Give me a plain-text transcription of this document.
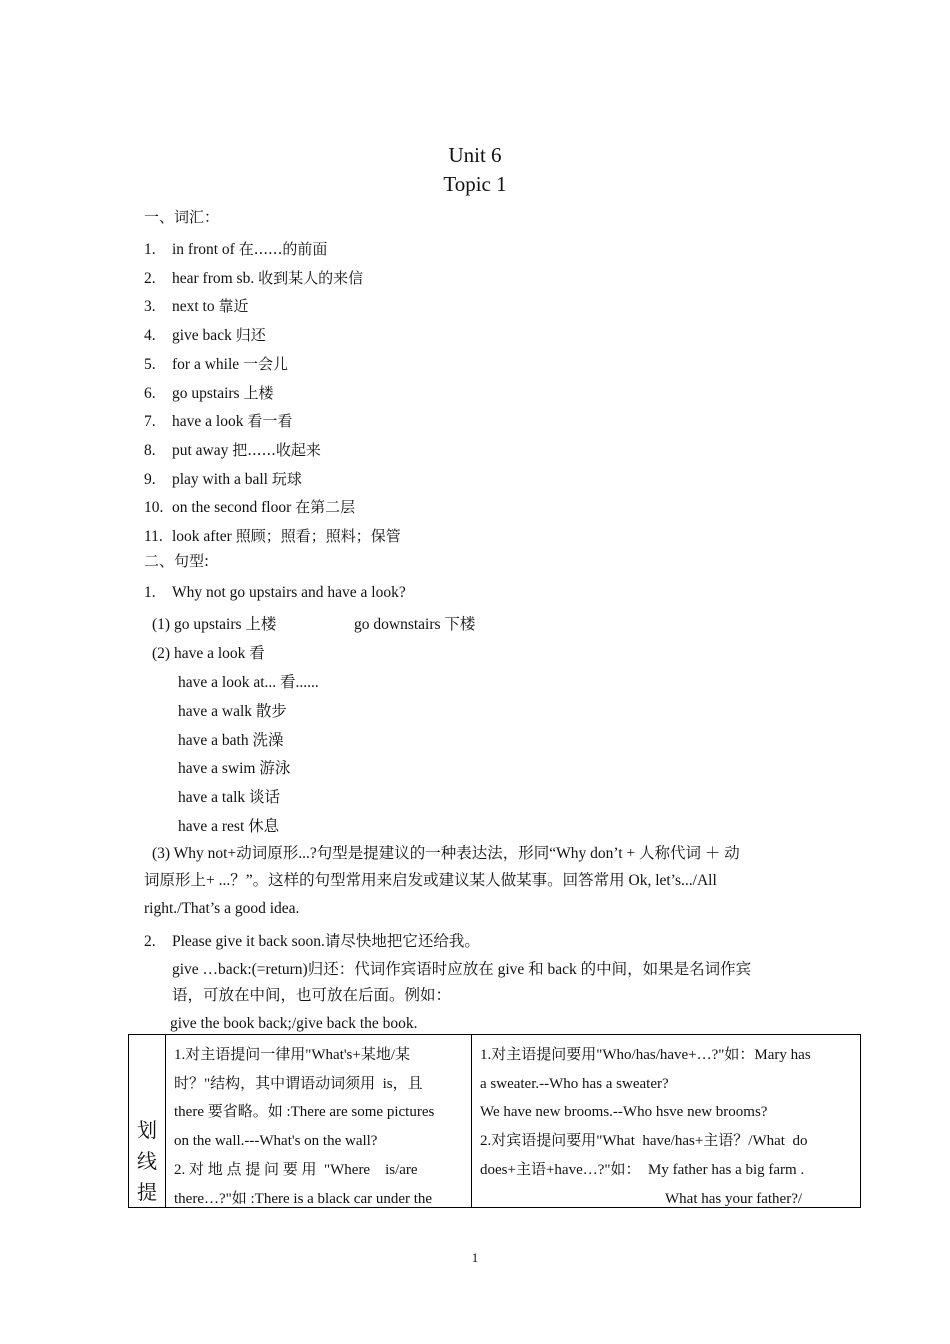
Unit 6
Topic 1
一、词汇：
1. in front of 在......的前面
2. hear from sb. 收到某人的来信
3. next to 靠近
4. give back 归还
5. for a while 一会儿
6. go upstairs 上楼
7. have a look 看一看
8. put away 把......收起来
9. play with a ball 玩球
10. on the second floor 在第二层
11. look after 照顾；照看；照料；保管
二、句型:
1. Why not go upstairs and have a look?
(1) go upstairs 上楼	go downstairs 下楼
(2) have a look 看
have a look at... 看......
have a walk 散步
have a bath 洗澡
have a swim 游泳
have a talk 谈话
have a rest 休息
(3) Why not+动词原形...?句型是提建议的一种表达法，形同“Why don’t + 人称代词 ＋ 动
词原形上+ ...？”。这样的句型常用来启发或建议某人做某事。回答常用 Ok, let’s.../All
right./That’s a good idea.
2. Please give it back soon.请尽快地把它还给我。
give …back:(=return)归还：代词作宾语时应放在 give 和 back 的中间，如果是名词作宾
语，可放在中间，也可放在后面。例如：
give the book back;/give back the book.
划线提
1.对主语提问一律用"What's+某地/某
时？"结构，其中谓语动词须用  is，且
there 要省略。如 :There are some pictures
on the wall.---What's on the wall?
2. 对 地 点 提 问 要 用  "Where    is/are
there…?"如 :There is a black car under the
1.对主语提问要用"Who/has/have+…?"如：Mary has
a sweater.--Who has a sweater?
We have new brooms.--Who hsve new brooms?
2.对宾语提问要用"What  have/has+主语？/What  do
does+主语+have…?"如：  My father has a big farm .
What has your father?/
1
